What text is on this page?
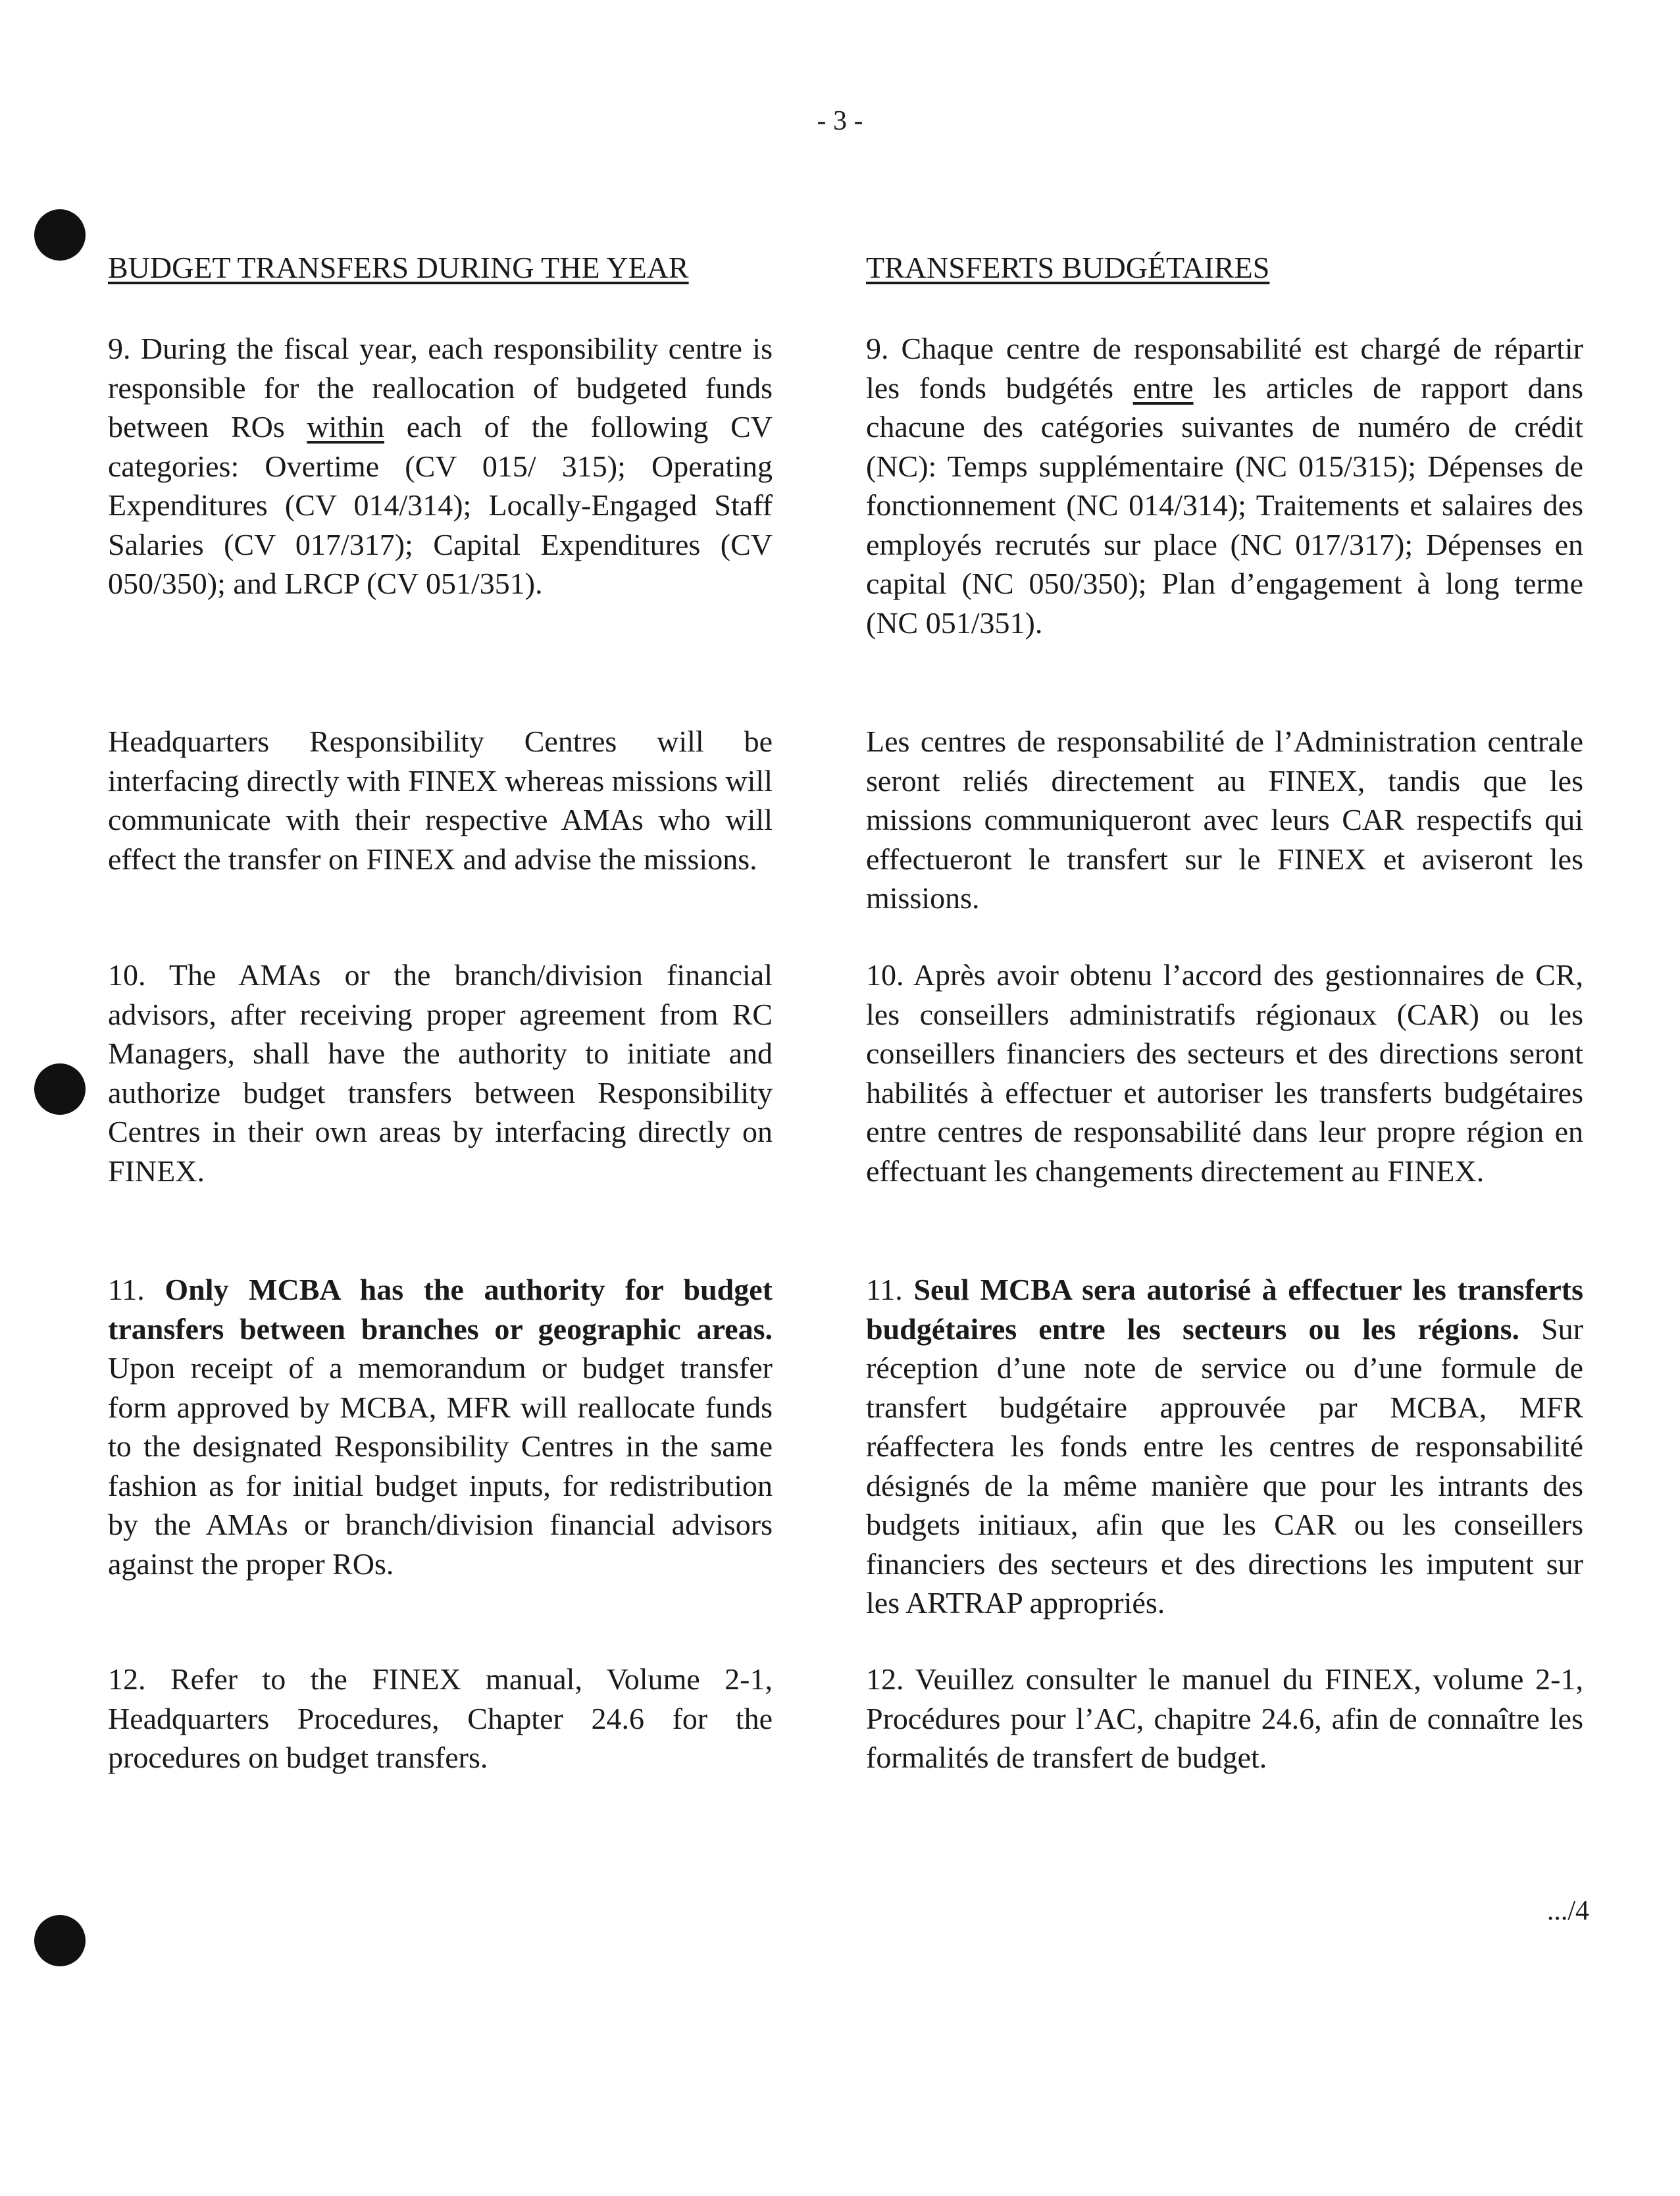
- 3 -
BUDGET TRANSFERS DURING THE YEAR	TRANSFERTS BUDGÉTAIRES

9. During the fiscal year, each responsibility centre is responsible for the reallocation of budgeted funds between ROs within each of the following CV categories: Overtime (CV 015/ 315); Operating Expenditures (CV 014/314); Locally-Engaged Staff Salaries (CV 017/317); Capital Expenditures (CV 050/350); and LRCP (CV 051/351).

Headquarters Responsibility Centres will be interfacing directly with FINEX whereas missions will communicate with their respective AMAs who will effect the transfer on FINEX and advise the missions.

10. The AMAs or the branch/division financial advisors, after receiving proper agreement from RC Managers, shall have the authority to initiate and authorize budget transfers between Responsibility Centres in their own areas by interfacing directly on FINEX.

11. Only MCBA has the authority for budget transfers between branches or geographic areas. Upon receipt of a memorandum or budget transfer form approved by MCBA, MFR will reallocate funds to the designated Responsibility Centres in the same fashion as for initial budget inputs, for redistribution by the AMAs or branch/division financial advisors against the proper ROs.

12. Refer to the FINEX manual, Volume 2-1, Headquarters Procedures, Chapter 24.6 for the procedures on budget transfers.

9. Chaque centre de responsabilité est chargé de répartir les fonds budgétés entre les articles de rapport dans chacune des catégories suivantes de numéro de crédit (NC): Temps supplémentaire (NC 015/315); Dépenses de fonctionnement (NC 014/314); Traitements et salaires des employés recrutés sur place (NC 017/317); Dépenses en capital (NC 050/350); Plan d’engagement à long terme (NC 051/351).

Les centres de responsabilité de l’Administration centrale seront reliés directement au FINEX, tandis que les missions communiqueront avec leurs CAR respectifs qui effectueront le transfert sur le FINEX et aviseront les missions.

10. Après avoir obtenu l’accord des gestionnaires de CR, les conseillers administratifs régionaux (CAR) ou les conseillers financiers des secteurs et des directions seront habilités à effectuer et autoriser les transferts budgétaires entre centres de responsabilité dans leur propre région en effectuant les changements directement au FINEX.

11. Seul MCBA sera autorisé à effectuer les transferts budgétaires entre les secteurs ou les régions. Sur réception d’une note de service ou d’une formule de transfert budgétaire approuvée par MCBA, MFR réaffectera les fonds entre les centres de responsabilité désignés de la même manière que pour les intrants des budgets initiaux, afin que les CAR ou les conseillers financiers des secteurs et des directions les imputent sur les ARTRAP appropriés.

12. Veuillez consulter le manuel du FINEX, volume 2-1, Procédures pour l’AC, chapitre 24.6, afin de connaître les formalités de transfert de budget.

.../4
